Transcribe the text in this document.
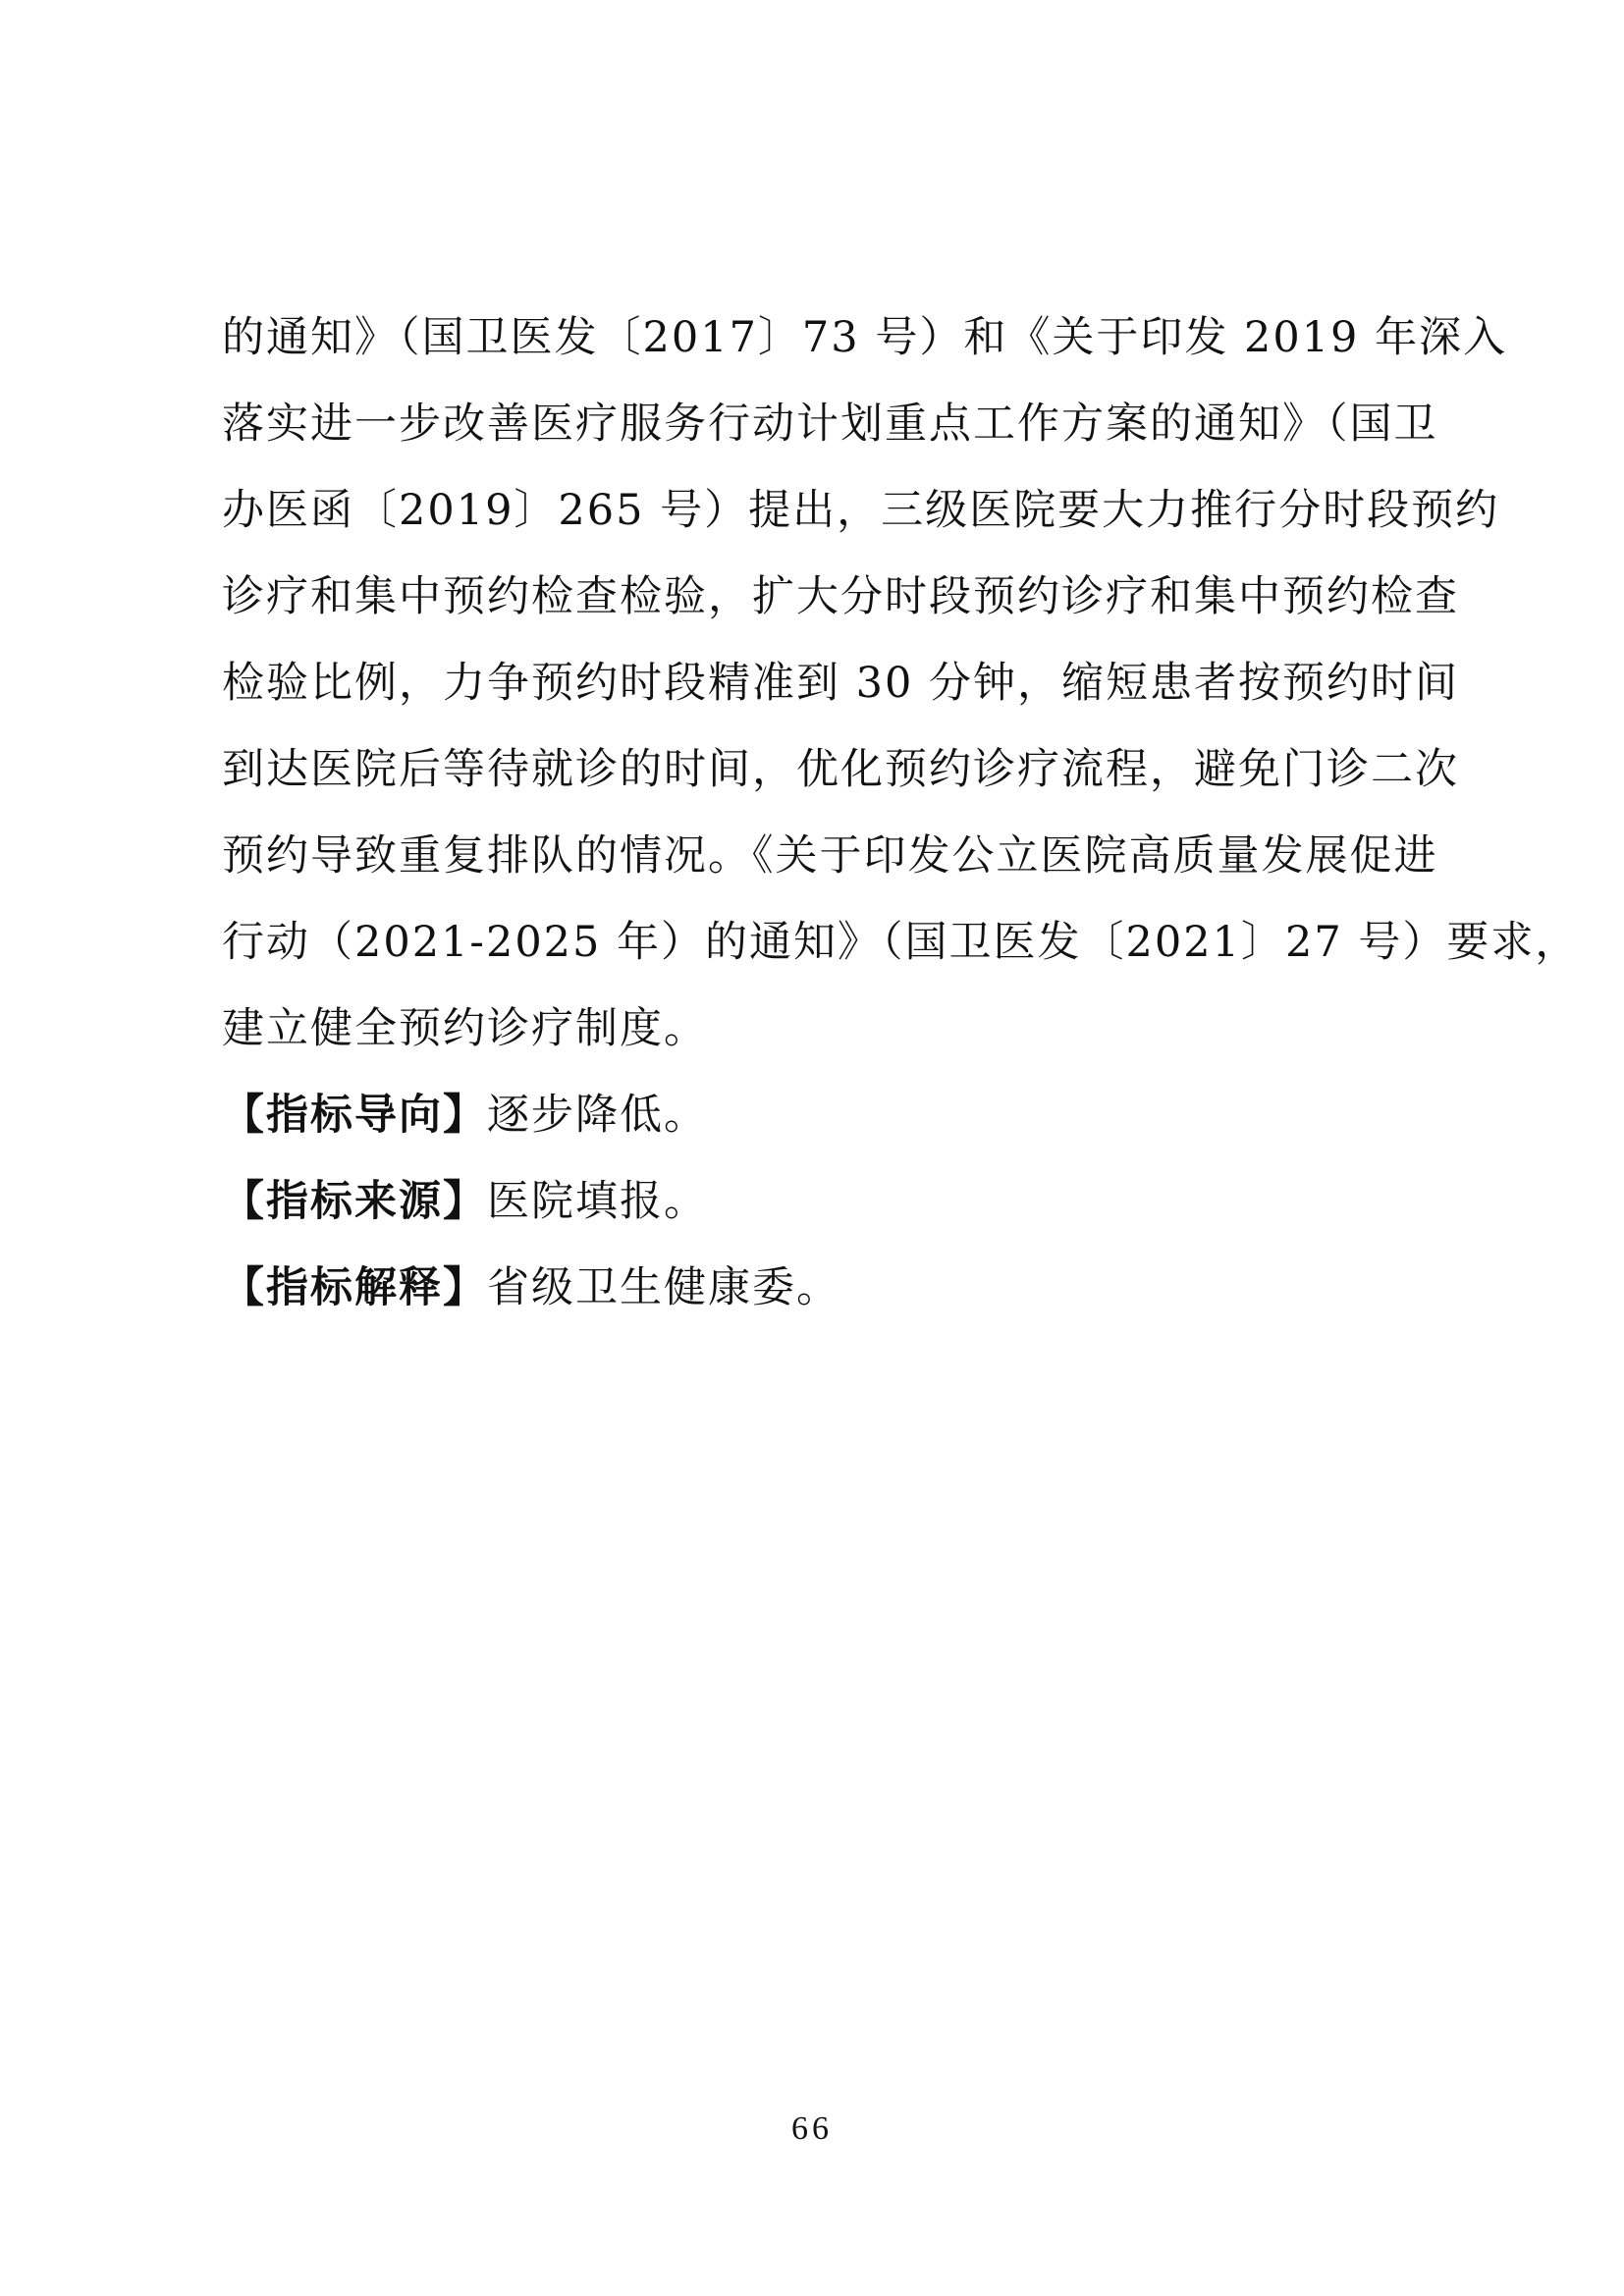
的通知》（国卫医发〔2017〕73 号）和《关于印发 2019 年深入
落实进一步改善医疗服务行动计划重点工作方案的通知》（国卫
办医函〔2019〕265 号）提出，三级医院要大力推行分时段预约
诊疗和集中预约检查检验，扩大分时段预约诊疗和集中预约检查
检验比例，力争预约时段精准到 30 分钟，缩短患者按预约时间
到达医院后等待就诊的时间，优化预约诊疗流程，避免门诊二次
预约导致重复排队的情况。《关于印发公立医院高质量发展促进
行动（2021-2025 年）的通知》（国卫医发〔2021〕27 号）要求，
建立健全预约诊疗制度。
【指标导向】逐步降低。
【指标来源】医院填报。
【指标解释】省级卫生健康委。
66
